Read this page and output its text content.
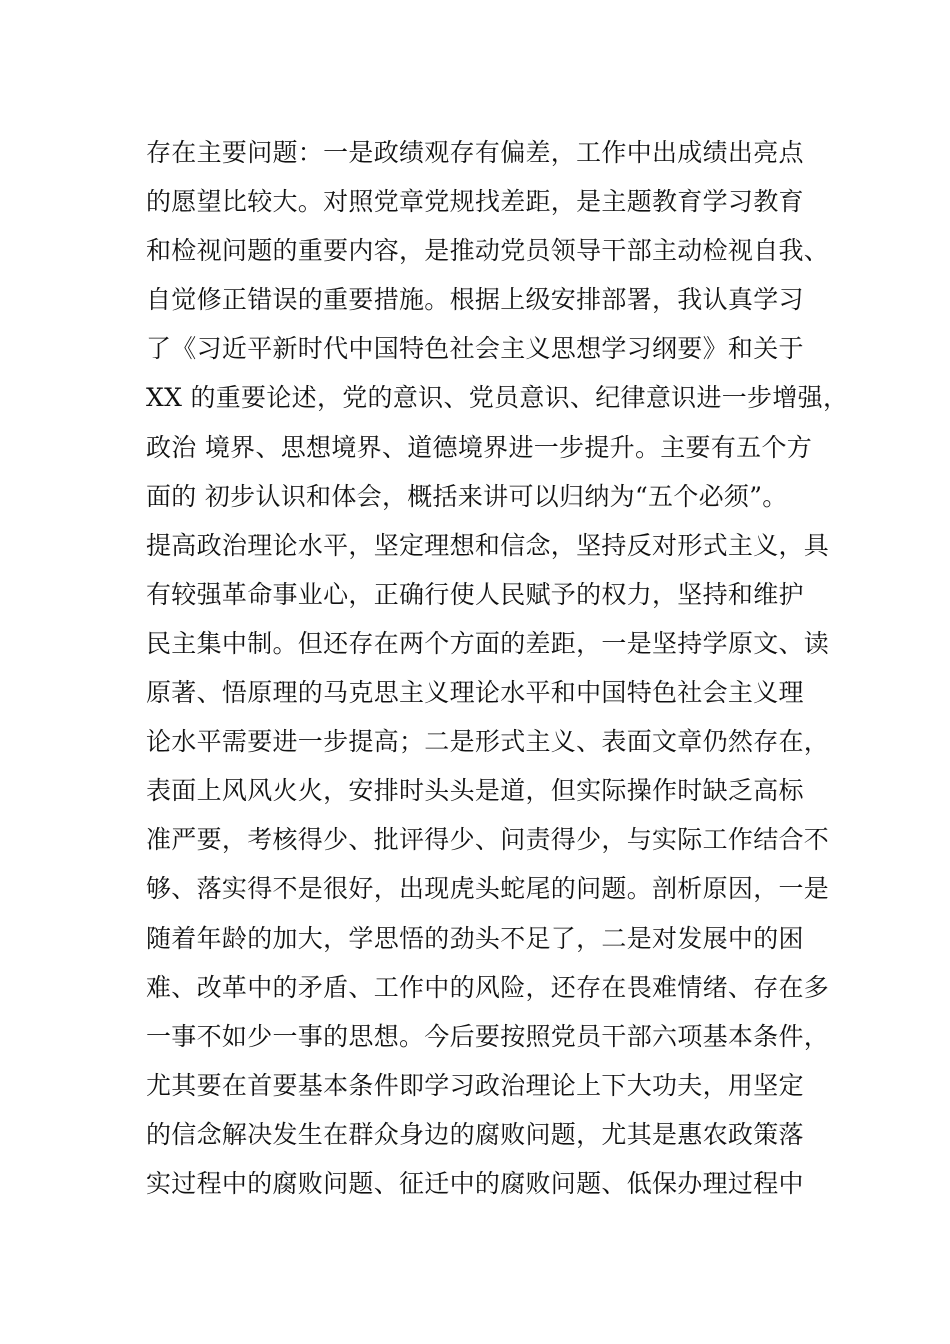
存在主要问题：一是政绩观存有偏差，工作中出成绩出亮点
的愿望比较大。对照党章党规找差距，是主题教育学习教育
和检视问题的重要内容，是推动党员领导干部主动检视自我、
自觉修正错误的重要措施。根据上级安排部署，我认真学习
了《习近平新时代中国特色社会主义思想学习纲要》和关于
XX 的重要论述，党的意识、党员意识、纪律意识进一步增强，
政治 境界、思想境界、道德境界进一步提升。主要有五个方
面的 初步认识和体会，概括来讲可以归纳为“五个必须”。
提高政治理论水平，坚定理想和信念，坚持反对形式主义，具
有较强革命事业心，正确行使人民赋予的权力，坚持和维护
民主集中制。但还存在两个方面的差距，一是坚持学原文、读
原著、悟原理的马克思主义理论水平和中国特色社会主义理
论水平需要进一步提高；二是形式主义、表面文章仍然存在，
表面上风风火火，安排时头头是道，但实际操作时缺乏高标
准严要，考核得少、批评得少、问责得少，与实际工作结合不
够、落实得不是很好，出现虎头蛇尾的问题。剖析原因，一是
随着年龄的加大，学思悟的劲头不足了，二是对发展中的困
难、改革中的矛盾、工作中的风险，还存在畏难情绪、存在多
一事不如少一事的思想。今后要按照党员干部六项基本条件，
尤其要在首要基本条件即学习政治理论上下大功夫，用坚定
的信念解决发生在群众身边的腐败问题，尤其是惠农政策落
实过程中的腐败问题、征迁中的腐败问题、低保办理过程中
